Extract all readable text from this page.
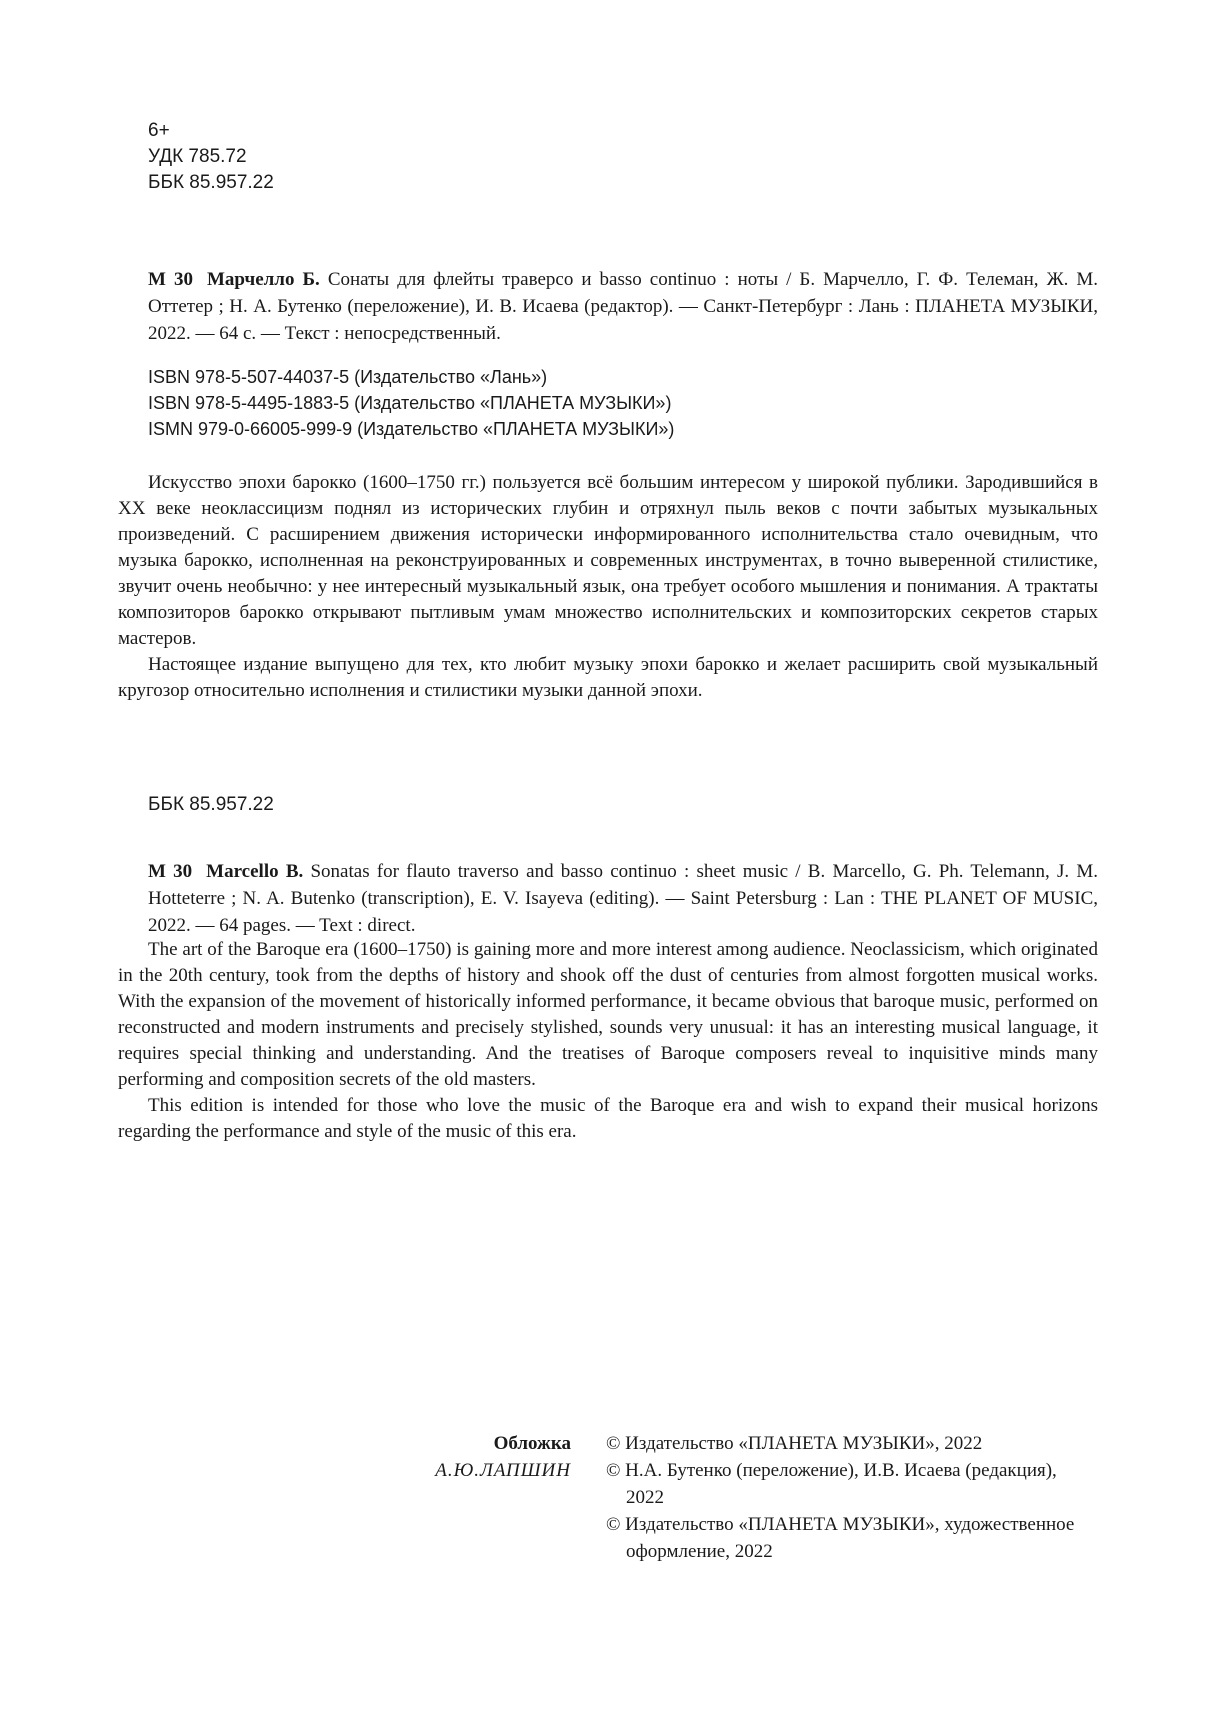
6+
УДК 785.72
ББК 85.957.22
М 30 Марчелло Б. Сонаты для флейты траверсо и basso continuo : ноты / Б. Марчелло, Г. Ф. Телеман, Ж. М. Оттетер ; Н. А. Бутенко (переложение), И. В. Исаева (редактор). — Санкт-Петербург : Лань : ПЛАНЕТА МУЗЫКИ, 2022. — 64 с. — Текст : непосредственный.
ISBN 978-5-507-44037-5 (Издательство «Лань»)
ISBN 978-5-4495-1883-5 (Издательство «ПЛАНЕТА МУЗЫКИ»)
ISMN 979-0-66005-999-9 (Издательство «ПЛАНЕТА МУЗЫКИ»)

Искусство эпохи барокко (1600–1750 гг.) пользуется всё большим интересом у широкой публики. Зародившийся в XX веке неоклассицизм поднял из исторических глубин и отряхнул пыль веков с почти забытых музыкальных произведений. С расширением движения исторически информированного исполнительства стало очевидным, что музыка барокко, исполненная на реконструированных и современных инструментах, в точно выверенной стилистике, звучит очень необычно: у нее интересный музыкальный язык, она требует особого мышления и понимания. А трактаты композиторов барокко открывают пытливым умам множество исполнительских и композиторских секретов старых мастеров.

Настоящее издание выпущено для тех, кто любит музыку эпохи барокко и желает расширить свой музыкальный кругозор относительно исполнения и стилистики музыки данной эпохи.

ББК 85.957.22
М 30 Marcello B. Sonatas for flauto traverso and basso continuo : sheet music / B. Marcello, G. Ph. Telemann, J. M. Hotteterre ; N. A. Butenko (transcription), E. V. Isayeva (editing). — Saint Petersburg : Lan : THE PLANET OF MUSIC, 2022. — 64 pages. — Text : direct.

The art of the Baroque era (1600–1750) is gaining more and more interest among audience. Neoclassicism, which originated in the 20th century, took from the depths of history and shook off the dust of centuries from almost forgotten musical works. With the expansion of the movement of historically informed performance, it became obvious that baroque music, performed on reconstructed and modern instruments and precisely stylished, sounds very unusual: it has an interesting musical language, it requires special thinking and understanding. And the treatises of Baroque composers reveal to inquisitive minds many performing and composition secrets of the old masters.

This edition is intended for those who love the music of the Baroque era and wish to expand their musical horizons regarding the performance and style of the music of this era.

Обложка
А.Ю.ЛАПШИН
© Издательство «ПЛАНЕТА МУЗЫКИ», 2022
© Н.А. Бутенко (переложение), И.В. Исаева (редакция), 2022
© Издательство «ПЛАНЕТА МУЗЫКИ», художественное оформление, 2022
